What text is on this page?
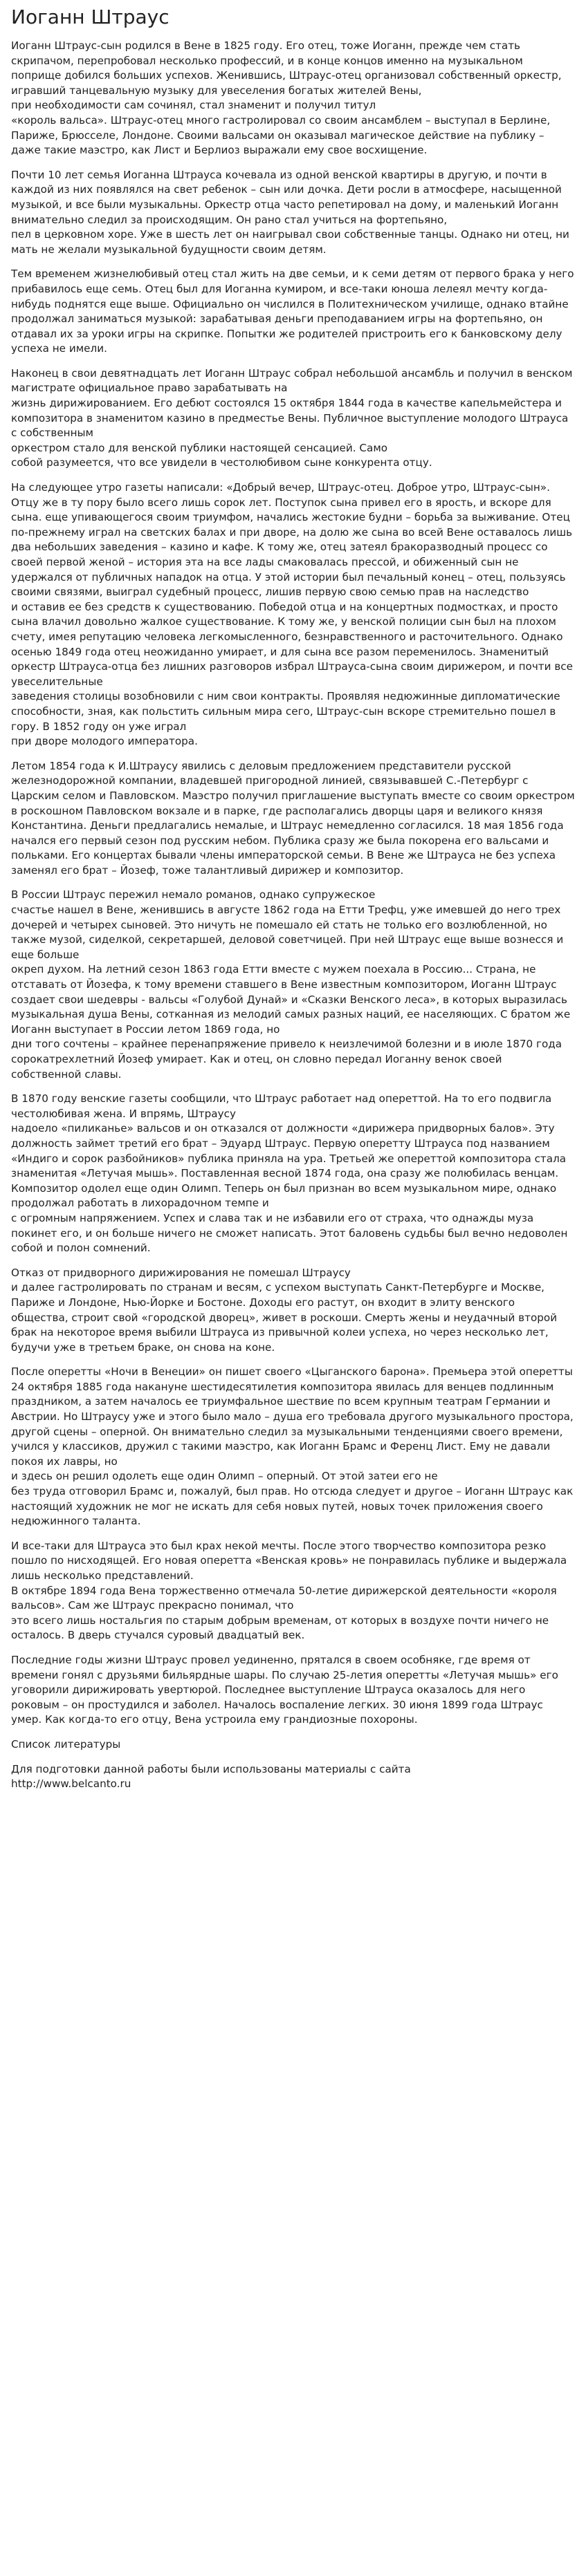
Иоганн Штраус

Иоганн Штраус-сын родился в Вене в 1825 году. Его отец, тоже Иоганн, прежде чем стать скрипачом, перепробовал несколько профессий, и в конце концов именно на музыкальном поприще добился больших успехов. Женившись, Штраус-отец организовал собственный оркестр, игравший танцевальную музыку для увеселения богатых жителей Вены,
при необходимости сам сочинял, стал знаменит и получил титул
«король вальса». Штраус-отец много гастролировал со своим ансамблем – выступал в Берлине, Париже, Брюсселе, Лондоне. Своими вальсами он оказывал магическое действие на публику – даже такие маэстро, как Лист и Берлиоз выражали ему свое восхищение.

Почти 10 лет семья Иоганна Штрауса кочевала из одной венской квартиры в другую, и почти в каждой из них появлялся на свет ребенок – сын или дочка. Дети росли в атмосфере, насыщенной музыкой, и все были музыкальны. Оркестр отца часто репетировал на дому, и маленький Иоганн внимательно следил за происходящим. Он рано стал учиться на фортепьяно,
пел в церковном хоре. Уже в шесть лет он наигрывал свои собственные танцы. Однако ни отец, ни мать не желали музыкальной будущности своим детям.

Тем временем жизнелюбивый отец стал жить на две семьи, и к семи детям от первого брака у него прибавилось еще семь. Отец был для Иоганна кумиром, и все-таки юноша лелеял мечту когда-нибудь поднятся еще выше. Официально он числился в Политехническом училище, однако втайне продолжал заниматься музыкой: зарабатывая деньги преподаванием игры на фортепьяно, он отдавал их за уроки игры на скрипке. Попытки же родителей пристроить его к банковскому делу успеха не имели.

Наконец в свои девятнадцать лет Иоганн Штраус собрал небольшой ансамбль и получил в венском магистрате официальное право зарабатывать на
жизнь дирижированием. Его дебют состоялся 15 октября 1844 года в качестве капельмейстера и композитора в знаменитом казино в предместье Вены. Публичное выступление молодого Штрауса с собственным
оркестром стало для венской публики настоящей сенсацией. Само
собой разумеется, что все увидели в честолюбивом сыне конкурента отцу.

На следующее утро газеты написали: «Добрый вечер, Штраус-отец. Доброе утро, Штраус-сын». Отцу же в ту пору было всего лишь сорок лет. Поступок сына привел его в ярость, и вскоре для сына. еще упивающегося своим триумфом, начались жестокие будни – борьба за выживание. Отец по-прежнему играл на светских балах и при дворе, на долю же сына во всей Вене оставалось лишь два небольших заведения – казино и кафе. К тому же, отец затеял бракоразводный процесс со своей первой женой – история эта на все лады смаковалась прессой, и обиженный сын не удержался от публичных нападок на отца. У этой истории был печальный конец – отец, пользуясь своими связями, выиграл судебный процесс, лишив первую свою семью прав на наследство
и оставив ее без средств к существованию. Победой отца и на концертных подмостках, и просто сына влачил довольно жалкое существование. К тому же, у венской полиции сын был на плохом счету, имея репутацию человека легкомысленного, безнравственного и расточительного. Однако осенью 1849 года отец неожиданно умирает, и для сына все разом переменилось. Знаменитый оркестр Штрауса-отца без лишних разговоров избрал Штрауса-сына своим дирижером, и почти все увеселительные
заведения столицы возобновили с ним свои контракты. Проявляя недюжинные дипломатические способности, зная, как польстить сильным мира сего, Штраус-сын вскоре стремительно пошел в гору. В 1852 году он уже играл
при дворе молодого императора.

Летом 1854 года к И.Штраусу явились с деловым предложением представители русской железнодорожной компании, владевшей пригородной линией, связывавшей С.-Петербург с Царским селом и Павловском. Маэстро получил приглашение выступать вместе со своим оркестром в роскошном Павловском вокзале и в парке, где располагались дворцы царя и великого князя Константина. Деньги предлагались немалые, и Штраус немедленно согласился. 18 мая 1856 года начался его первый сезон под русским небом. Публика сразу же была покорена его вальсами и польками. Его концертах бывали члены императорской семьи. В Вене же Штрауса не без успеха заменял его брат – Йозеф, тоже талантливый дирижер и композитор.

В России Штраус пережил немало романов, однако супружеское
счастье нашел в Вене, женившись в августе 1862 года на Етти Трефц, уже имевшей до него трех дочерей и четырех сыновей. Это ничуть не помешало ей стать не только его возлюбленной, но также музой, сиделкой, секретаршей, деловой советчицей. При ней Штраус еще выше вознесся и еще больше
окреп духом. На летний сезон 1863 года Етти вместе с мужем поехала в Россию... Страна, не отставать от Йозефа, к тому времени ставшего в Вене известным композитором, Иоганн Штраус создает свои шедевры - вальсы «Голубой Дунай» и «Сказки Венского леса», в которых выразилась музыкальная душа Вены, сотканная из мелодий самых разных наций, ее населяющих. С братом же Иоганн выступает в России летом 1869 года, но
дни того сочтены – крайнее перенапряжение привело к неизлечимой болезни и в июле 1870 года сорокатрехлетний Йозеф умирает. Как и отец, он словно передал Иоганну венок своей собственной славы.

В 1870 году венские газеты сообщили, что Штраус работает над опереттой. На то его подвигла честолюбивая жена. И впрямь, Штраусу
надоело «пиликанье» вальсов и он отказался от должности «дирижера придворных балов». Эту должность займет третий его брат – Эдуард Штраус. Первую оперетту Штрауса под названием «Индиго и сорок разбойников» публика приняла на ура. Третьей же опереттой композитора стала знаменитая «Летучая мышь». Поставленная весной 1874 года, она сразу же полюбилась венцам. Композитор одолел еще один Олимп. Теперь он был признан во всем музыкальном мире, однако продолжал работать в лихорадочном темпе и
с огромным напряжением. Успех и слава так и не избавили его от страха, что однажды муза покинет его, и он больше ничего не сможет написать. Этот баловень судьбы был вечно недоволен собой и полон сомнений.

Отказ от придворного дирижирования не помешал Штраусу
и далее гастролировать по странам и весям, с успехом выступать Санкт-Петербурге и Москве, Париже и Лондоне, Нью-Йорке и Бостоне. Доходы его растут, он входит в элиту венского общества, строит свой «городской дворец», живет в роскоши. Смерть жены и неудачный второй брак на некоторое время выбили Штрауса из привычной колеи успеха, но через несколько лет, будучи уже в третьем браке, он снова на коне.

После оперетты «Ночи в Венеции» он пишет своего «Цыганского барона». Премьера этой оперетты 24 октября 1885 года накануне шестидесятилетия композитора явилась для венцев подлинным праздником, а затем началось ее триумфальное шествие по всем крупным театрам Германии и Австрии. Но Штраусу уже и этого было мало – душа его требовала другого музыкального простора, другой сцены – оперной. Он внимательно следил за музыкальными тенденциями своего времени, учился у классиков, дружил с такими маэстро, как Иоганн Брамс и Ференц Лист. Ему не давали покоя их лавры, но
и здесь он решил одолеть еще один Олимп – оперный. От этой затеи его не
без труда отговорил Брамс и, пожалуй, был прав. Но отсюда следует и другое – Иоганн Штраус как настоящий художник не мог не искать для себя новых путей, новых точек приложения своего недюжинного таланта.

И все-таки для Штрауса это был крах некой мечты. После этого творчество композитора резко пошло по нисходящей. Его новая оперетта «Венская кровь» не понравилась публике и выдержала лишь несколько представлений.
В октябре 1894 года Вена торжественно отмечала 50-летие дирижерской деятельности «короля вальсов». Сам же Штраус прекрасно понимал, что
это всего лишь ностальгия по старым добрым временам, от которых в воздухе почти ничего не осталось. В дверь стучался суровый двадцатый век.

Последние годы жизни Штраус провел уединенно, прятался в своем особняке, где время от времени гонял с друзьями бильярдные шары. По случаю 25-летия оперетты «Летучая мышь» его уговорили дирижировать увертюрой. Последнее выступление Штрауса оказалось для него роковым – он простудился и заболел. Началось воспаление легких. 30 июня 1899 года Штраус умер. Как когда-то его отцу, Вена устроила ему грандиозные похороны.

Список литературы

Для подготовки данной работы были использованы материалы с сайта
http://www.belcanto.ru
